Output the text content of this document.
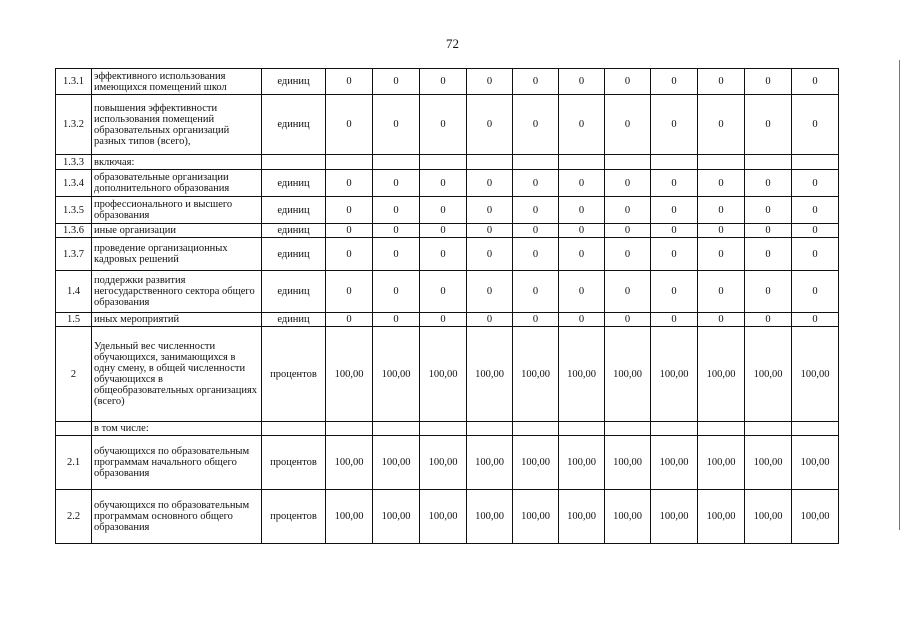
72
1.3.1	эффективного использования имеющихся помещений школ	единиц	0	0	0	0	0	0	0	0	0	0	0
1.3.2	повышения эффективности использования помещений образовательных организаций разных типов (всего),	единиц	0	0	0	0	0	0	0	0	0	0	0
1.3.3	включая:												
1.3.4	образовательные организации дополнительного образования	единиц	0	0	0	0	0	0	0	0	0	0	0
1.3.5	профессионального и высшего образования	единиц	0	0	0	0	0	0	0	0	0	0	0
1.3.6	иные организации	единиц	0	0	0	0	0	0	0	0	0	0	0
1.3.7	проведение организационных кадровых решений	единиц	0	0	0	0	0	0	0	0	0	0	0
1.4	поддержки развития негосударственного сектора общего образования	единиц	0	0	0	0	0	0	0	0	0	0	0
1.5	иных мероприятий	единиц	0	0	0	0	0	0	0	0	0	0	0
2	Удельный вес численности обучающихся, занимающихся в одну смену, в общей численности обучающихся в общеобразовательных организациях (всего)	процентов	100,00	100,00	100,00	100,00	100,00	100,00	100,00	100,00	100,00	100,00	100,00
	в том числе:												
2.1	обучающихся по образовательным программам начального общего образования	процентов	100,00	100,00	100,00	100,00	100,00	100,00	100,00	100,00	100,00	100,00	100,00
2.2	обучающихся по образовательным программам основного общего образования	процентов	100,00	100,00	100,00	100,00	100,00	100,00	100,00	100,00	100,00	100,00	100,00
